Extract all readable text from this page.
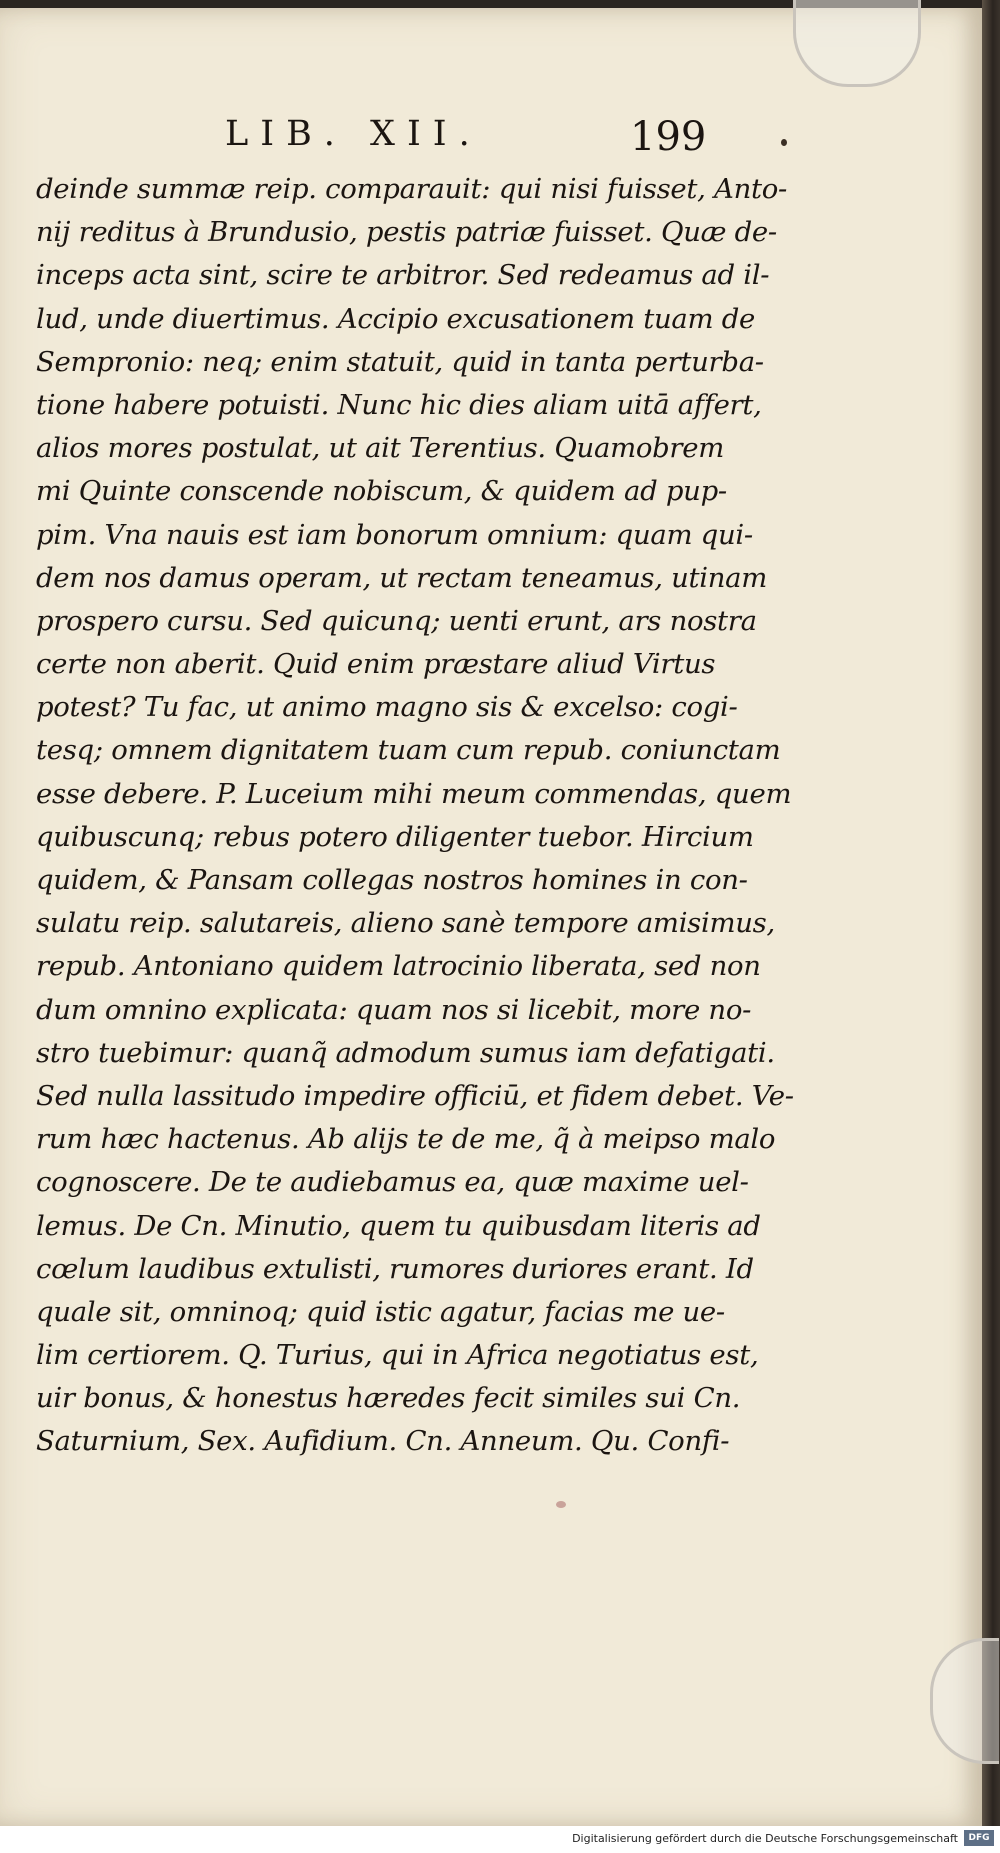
LIB. XII.	199
deinde summæ reip. comparauit: qui nisi fuisset, Anto-
nij reditus à Brundusio, pestis patriæ fuisset. Quæ de-
inceps acta sint, scire te arbitror. Sed redeamus ad il-
lud, unde diuertimus. Accipio excusationem tuam de
Sempronio: neq; enim statuit, quid in tanta perturba-
tione habere potuisti. Nunc hic dies aliam uitā affert,
alios mores postulat, ut ait Terentius. Quamobrem
mi Quinte conscende nobiscum, & quidem ad pup-
pim. Vna nauis est iam bonorum omnium: quam qui-
dem nos damus operam, ut rectam teneamus, utinam
prospero cursu. Sed quicunq; uenti erunt, ars nostra
certe non aberit. Quid enim præstare aliud Virtus
potest? Tu fac, ut animo magno sis & excelso: cogi-
tesq; omnem dignitatem tuam cum repub. coniunctam
esse debere. P. Luceium mihi meum commendas, quem
quibuscunq; rebus potero diligenter tuebor. Hircium
quidem, & Pansam collegas nostros homines in con-
sulatu reip. salutareis, alieno sanè tempore amisimus,
repub. Antoniano quidem latrocinio liberata, sed non
dum omnino explicata: quam nos si licebit, more no-
stro tuebimur: quanq̃ admodum sumus iam defatigati.
Sed nulla lassitudo impedire officiū, et fidem debet. Ve-
rum hæc hactenus. Ab alijs te de me, q̃ à meipso malo
cognoscere. De te audiebamus ea, quæ maxime uel-
lemus. De Cn. Minutio, quem tu quibusdam literis ad
cœlum laudibus extulisti, rumores duriores erant. Id
quale sit, omninoq; quid istic agatur, facias me ue-
lim certiorem. Q. Turius, qui in Africa negotiatus est,
uir bonus, & honestus hæredes fecit similes sui Cn.
Saturnium, Sex. Aufidium. Cn. Anneum. Qu. Confi-
Digitalisierung gefördert durch die Deutsche Forschungsgemeinschaft	DFG
